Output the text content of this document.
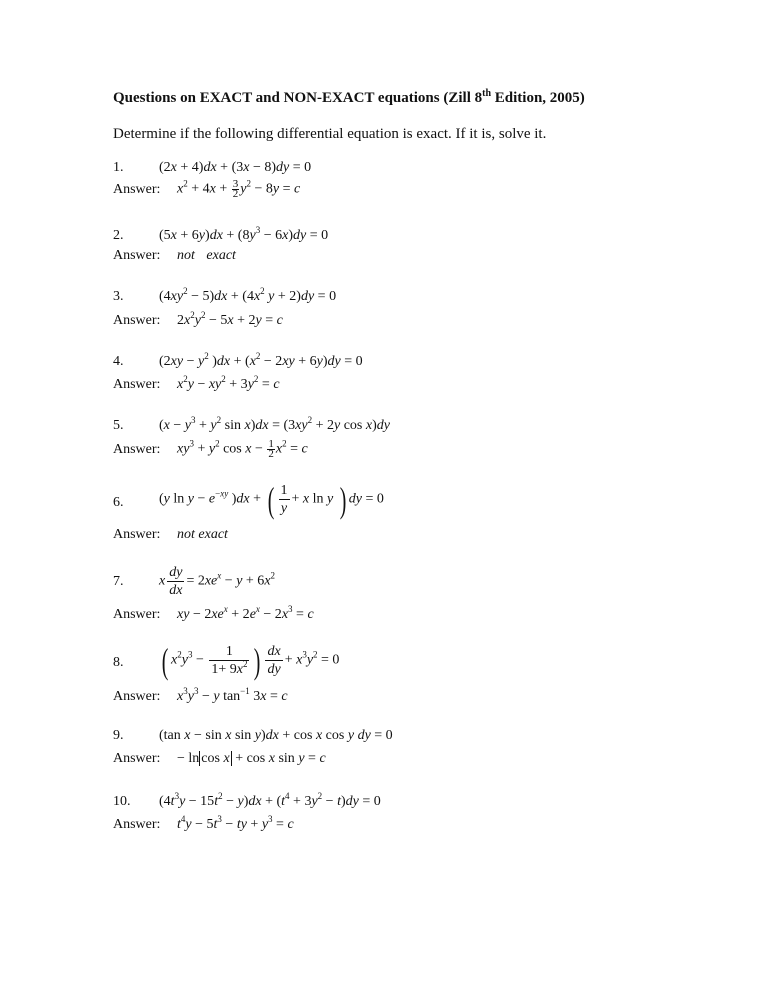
Questions on EXACT and NON-EXACT equations (Zill 8th Edition, 2005)
Determine if the following differential equation is exact. If it is, solve it.
1.	(2x + 4)dx + (3x − 8)dy = 0
Answer: $x^2 + 4x + \frac{3}{2} y^2 - 8y = c$
2.	$(5x + 6y)dx + (8y^3 - 6x)dy = 0$
Answer: not exact
3.	$(4xy^2 - 5)dx + (4x^2$ y + 2)dy = 0
Answer: $2x^2y^2 - 5x + 2y = c$
4.	($2xy - y^2$ )$dx + (x^2 - 2xy + 6y)dy = 0$
Answer: $x^2y - xy^2 + 3y^2 = c$
5.	($x - y^3 + y^2$ $\sin x)dx = (3xy^2 + 2y$ cos x)dy
Answer: $xy^3 + y^2$ $\cos x - \frac{1}{2} x^2 = c$
6.	(y $\ln y - e^{-xy}$ )dx + ( $\frac{1}{y} + x$ ln y ) dy = 0
Answer: not exact
7.	x $\frac{dy}{dx} = 2xe^x - y + 6x^2$
Answer: xy − $2xe^x + 2e^x - 2x^3 = c$
8. ( $x^2y^3 - \frac{1}{1+ 9x^2}$ ) $\frac{dx}{dy} + x^3y^2 = 0$
Answer: $x^3y^3 - y$ $\tan^{-1} 3x = c$
9.	(tan x − sin x sin y)dx + cos x cos y dy = 0
Answer: − ln cos x + cos x sin y = c
10. $(4t^3y - 15t^2 - y)dx + (t^4 + 3y^2 - t)dy = 0$
Answer: $t^4y - 5t^3$ − ty + $y^3 = c$
